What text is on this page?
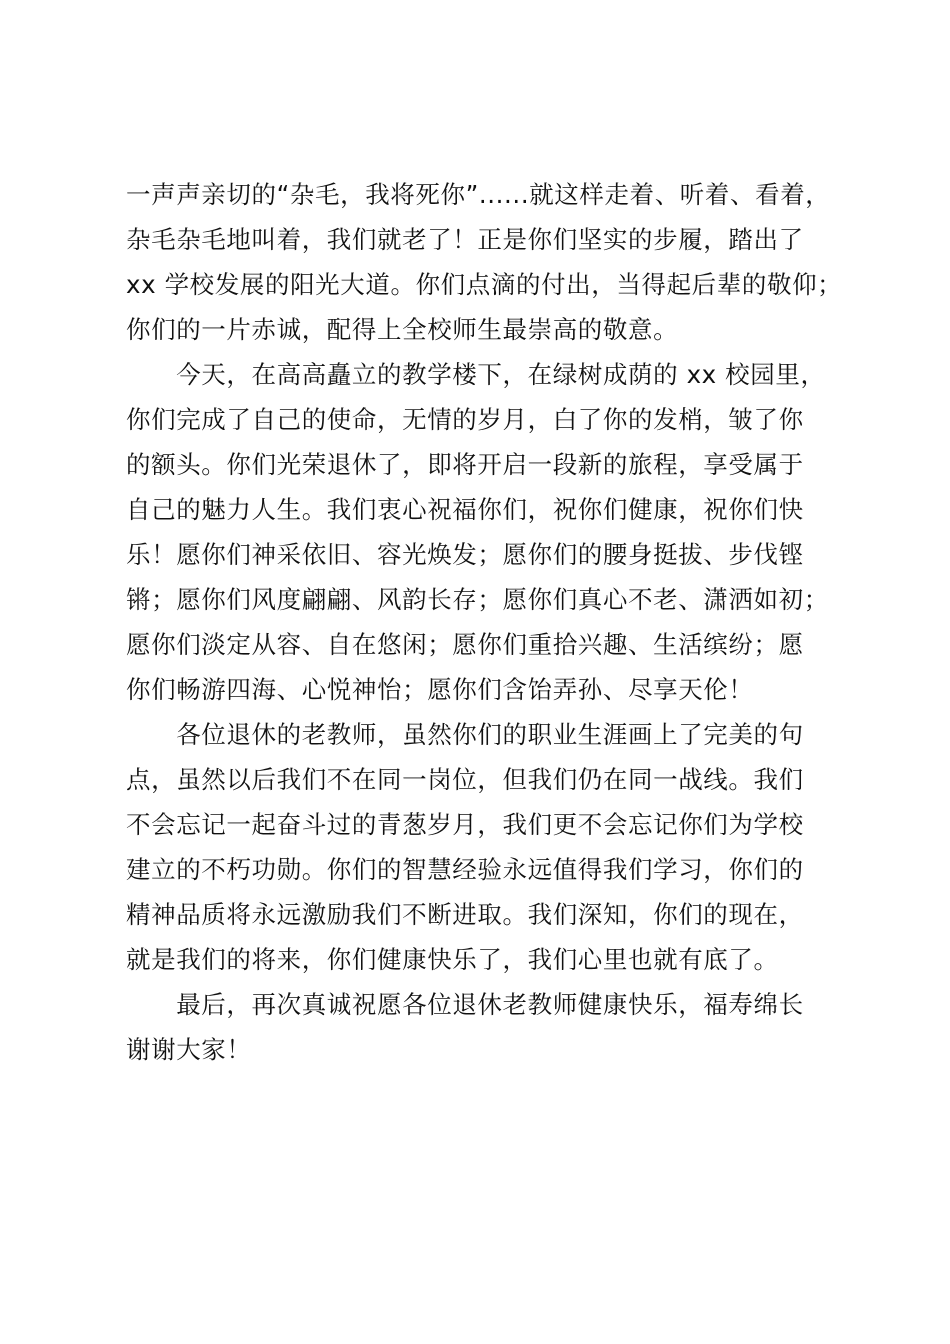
一声声亲切的“杂毛，我将死你”......就这样走着、听着、看着，
杂毛杂毛地叫着，我们就老了！正是你们坚实的步履，踏出了
xx 学校发展的阳光大道。你们点滴的付出，当得起后辈的敬仰；
你们的一片赤诚，配得上全校师生最崇高的敬意。
　　今天，在高高矗立的教学楼下，在绿树成荫的 xx 校园里，
你们完成了自己的使命，无情的岁月，白了你的发梢，皱了你
的额头。你们光荣退休了，即将开启一段新的旅程，享受属于
自己的魅力人生。我们衷心祝福你们，祝你们健康，祝你们快
乐！愿你们神采依旧、容光焕发；愿你们的腰身挺拔、步伐铿
锵；愿你们风度翩翩、风韵长存；愿你们真心不老、潇洒如初；
愿你们淡定从容、自在悠闲；愿你们重拾兴趣、生活缤纷；愿
你们畅游四海、心悦神怡；愿你们含饴弄孙、尽享天伦！
　　各位退休的老教师，虽然你们的职业生涯画上了完美的句
点，虽然以后我们不在同一岗位，但我们仍在同一战线。我们
不会忘记一起奋斗过的青葱岁月，我们更不会忘记你们为学校
建立的不朽功勋。你们的智慧经验永远值得我们学习，你们的
精神品质将永远激励我们不断进取。我们深知，你们的现在，
就是我们的将来，你们健康快乐了，我们心里也就有底了。
　　最后，再次真诚祝愿各位退休老教师健康快乐，福寿绵长
谢谢大家！
